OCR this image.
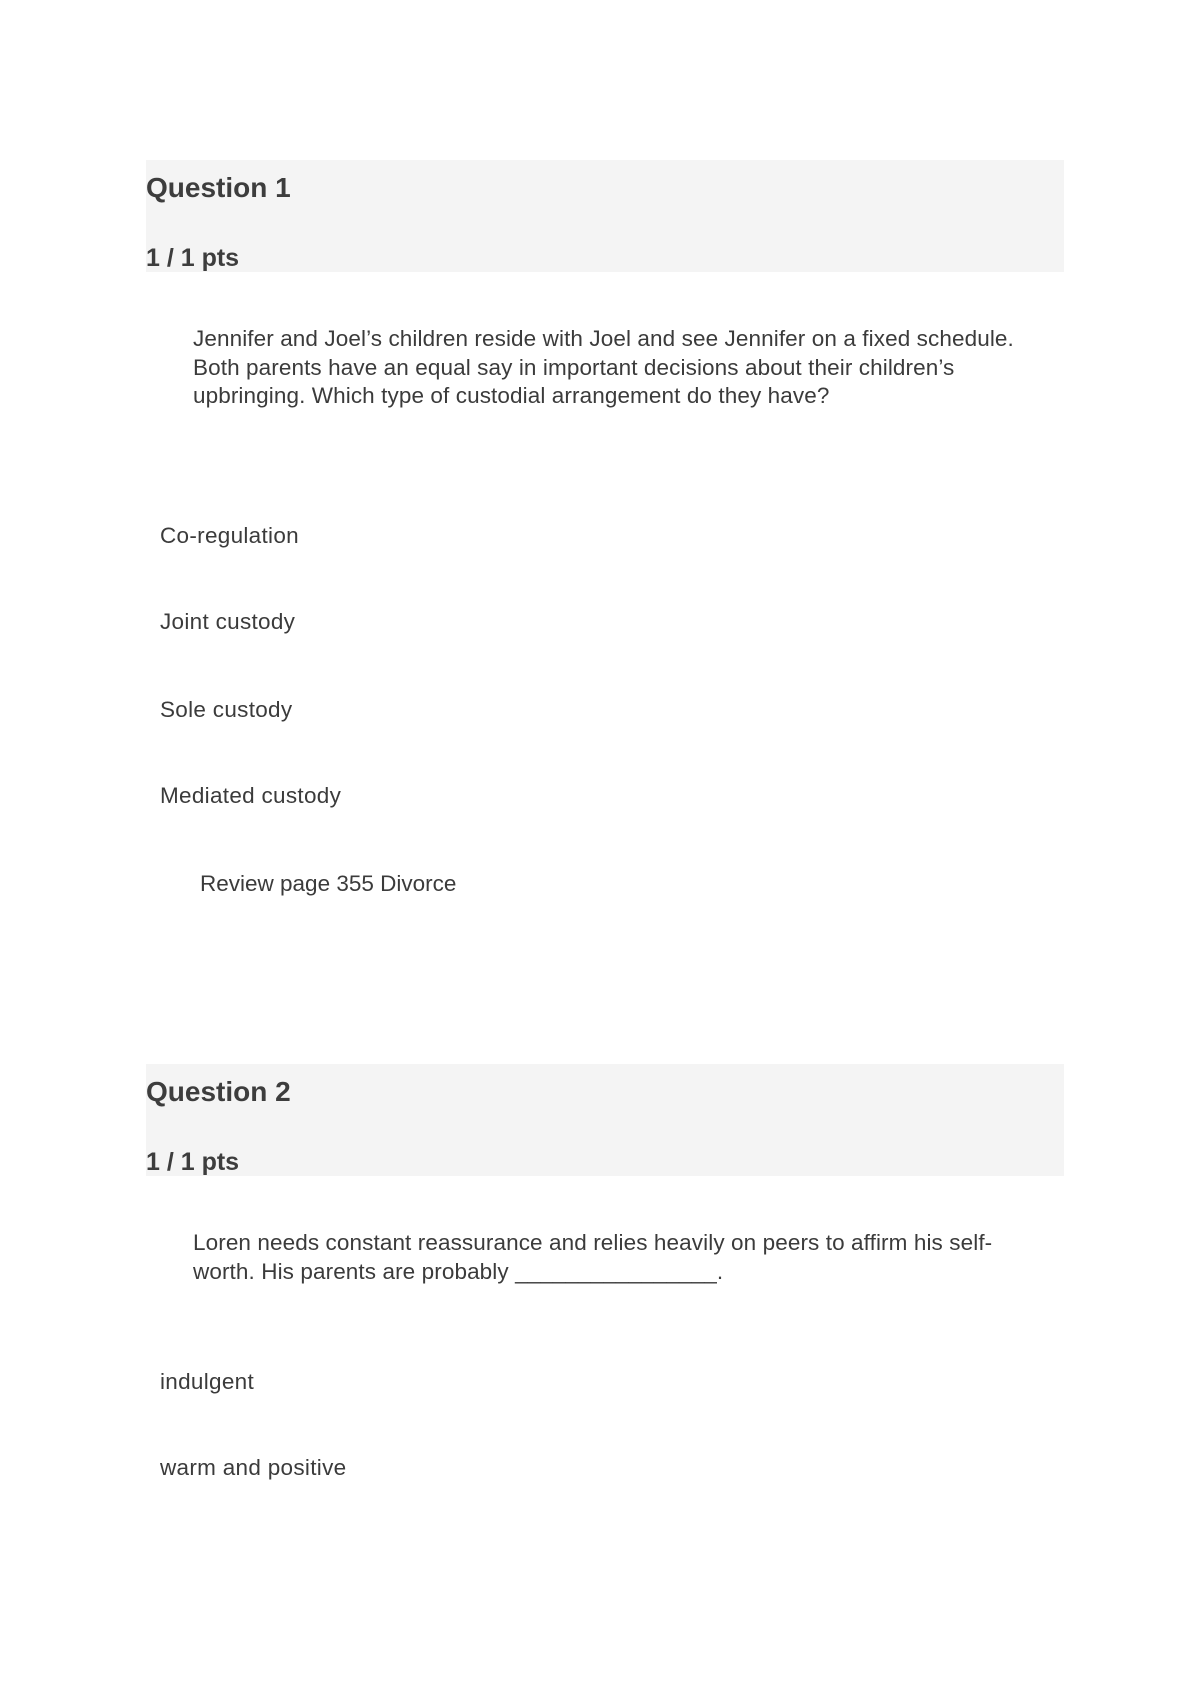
Question 1
1 / 1 pts
Jennifer and Joel’s children reside with Joel and see Jennifer on a fixed schedule. Both parents have an equal say in important decisions about their children’s upbringing. Which type of custodial arrangement do they have?
Co-regulation
Joint custody
Sole custody
Mediated custody
Review page 355 Divorce
Question 2
1 / 1 pts
Loren needs constant reassurance and relies heavily on peers to affirm his self-worth. His parents are probably ________________.
indulgent
warm and positive
